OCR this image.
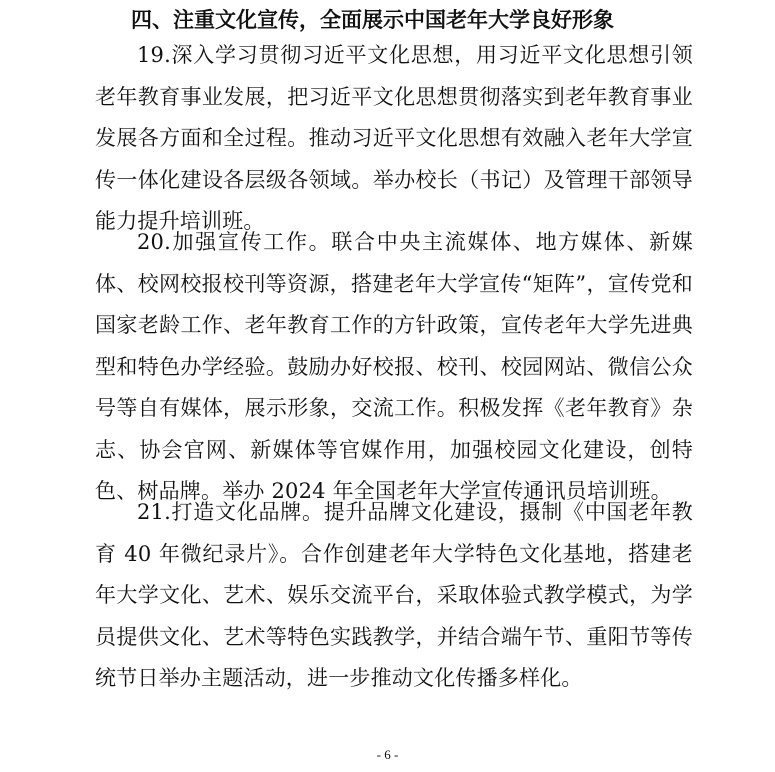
四、注重文化宣传，全面展示中国老年大学良好形象

19.深入学习贯彻习近平文化思想，用习近平文化思想引领老年教育事业发展，把习近平文化思想贯彻落实到老年教育事业发展各方面和全过程。推动习近平文化思想有效融入老年大学宣传一体化建设各层级各领域。举办校长（书记）及管理干部领导能力提升培训班。

20.加强宣传工作。联合中央主流媒体、地方媒体、新媒体、校网校报校刊等资源，搭建老年大学宣传“矩阵”，宣传党和国家老龄工作、老年教育工作的方针政策，宣传老年大学先进典型和特色办学经验。鼓励办好校报、校刊、校园网站、微信公众号等自有媒体，展示形象，交流工作。积极发挥《老年教育》杂志、协会官网、新媒体等官媒作用，加强校园文化建设，创特色、树品牌。举办 2024 年全国老年大学宣传通讯员培训班。

21.打造文化品牌。提升品牌文化建设，摄制《中国老年教育 40 年微纪录片》。合作创建老年大学特色文化基地，搭建老年大学文化、艺术、娱乐交流平台，采取体验式教学模式，为学员提供文化、艺术等特色实践教学，并结合端午节、重阳节等传统节日举办主题活动，进一步推动文化传播多样化。

- 6 -
